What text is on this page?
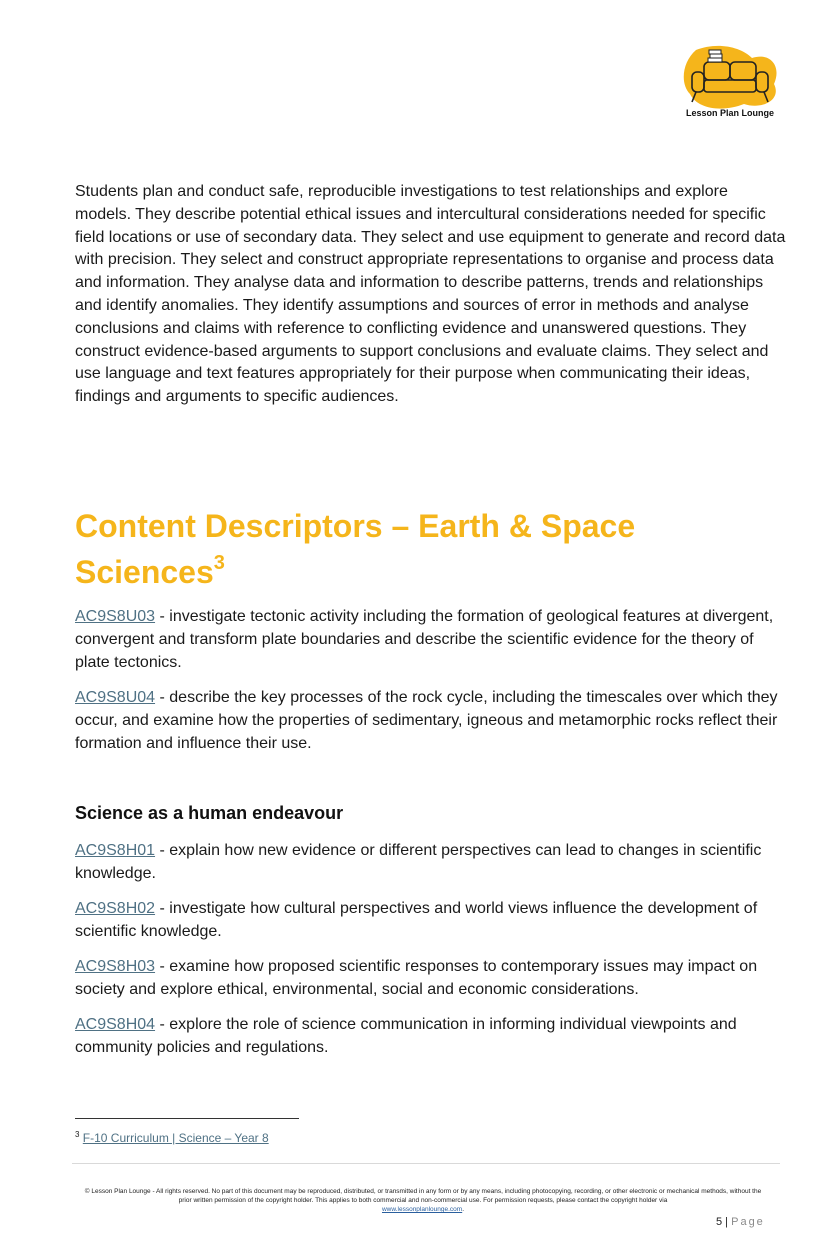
Lesson Plan Lounge

Students plan and conduct safe, reproducible investigations to test relationships and explore models. They describe potential ethical issues and intercultural considerations needed for specific field locations or use of secondary data. They select and use equipment to generate and record data with precision. They select and construct appropriate representations to organise and process data and information. They analyse data and information to describe patterns, trends and relationships and identify anomalies. They identify assumptions and sources of error in methods and analyse conclusions and claims with reference to conflicting evidence and unanswered questions. They construct evidence-based arguments to support conclusions and evaluate claims. They select and use language and text features appropriately for their purpose when communicating their ideas, findings and arguments to specific audiences.

Content Descriptors – Earth & Space Sciences$^3$

AC9S8U03 - investigate tectonic activity including the formation of geological features at divergent, convergent and transform plate boundaries and describe the scientific evidence for the theory of plate tectonics.

AC9S8U04 - describe the key processes of the rock cycle, including the timescales over which they occur, and examine how the properties of sedimentary, igneous and metamorphic rocks reflect their formation and influence their use.

Science as a human endeavour

AC9S8H01 - explain how new evidence or different perspectives can lead to changes in scientific knowledge.

AC9S8H02 - investigate how cultural perspectives and world views influence the development of scientific knowledge.

AC9S8H03 - examine how proposed scientific responses to contemporary issues may impact on society and explore ethical, environmental, social and economic considerations.

AC9S8H04 - explore the role of science communication in informing individual viewpoints and community policies and regulations.

$^3$ F-10 Curriculum | Science – Year 8
© Lesson Plan Lounge - All rights reserved. No part of this document may be reproduced, distributed, or transmitted in any form or by any means, including photocopying, recording, or other electronic or mechanical methods, without the prior written permission of the copyright holder. This applies to both commercial and non-commercial use. For permission requests, please contact the copyright holder via
www.lessonplanlounge.com.
5 | Page
